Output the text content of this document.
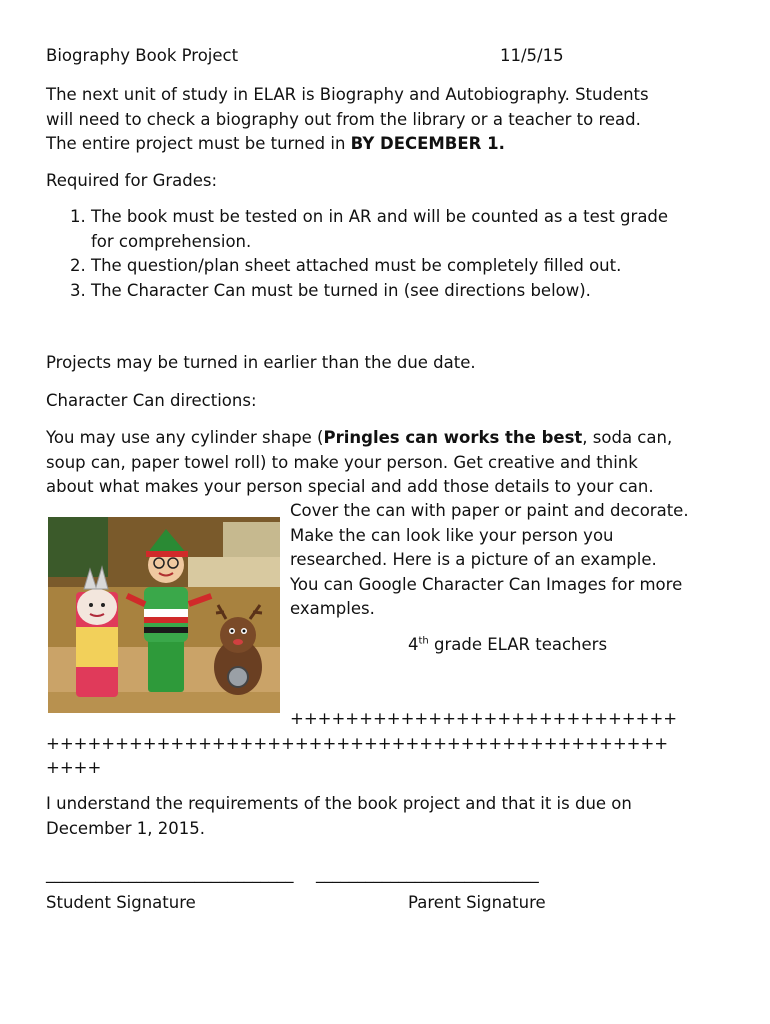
Biography Book Project	11/5/15

The next unit of study in ELAR is Biography and Autobiography. Students

will need to check a biography out from the library or a teacher to read.

The entire project must be turned in BY DECEMBER 1.

Required for Grades:

1. The book must be tested on in AR and will be counted as a test grade
for comprehension.
2. The question/plan sheet attached must be completely filled out.
3. The Character Can must be turned in (see directions below).

Projects may be turned in earlier than the due date.

Character Can directions:

You may use any cylinder shape (Pringles can works the best, soda can,

soup can, paper towel roll) to make your person. Get creative and think

about what makes your person special and add those details to your can.

Cover the can with paper or paint and decorate.

Make the can look like your person you

researched. Here is a picture of an example.

You can Google Character Can Images for more

examples.

4th grade ELAR teachers

++++++++++++++++++++++++++++

+++++++++++++++++++++++++++++++++++++++++++++

++++

I understand the requirements of the book project and that it is due on

December 1, 2015.

______________________________ ___________________________
Student Signature	Parent Signature
